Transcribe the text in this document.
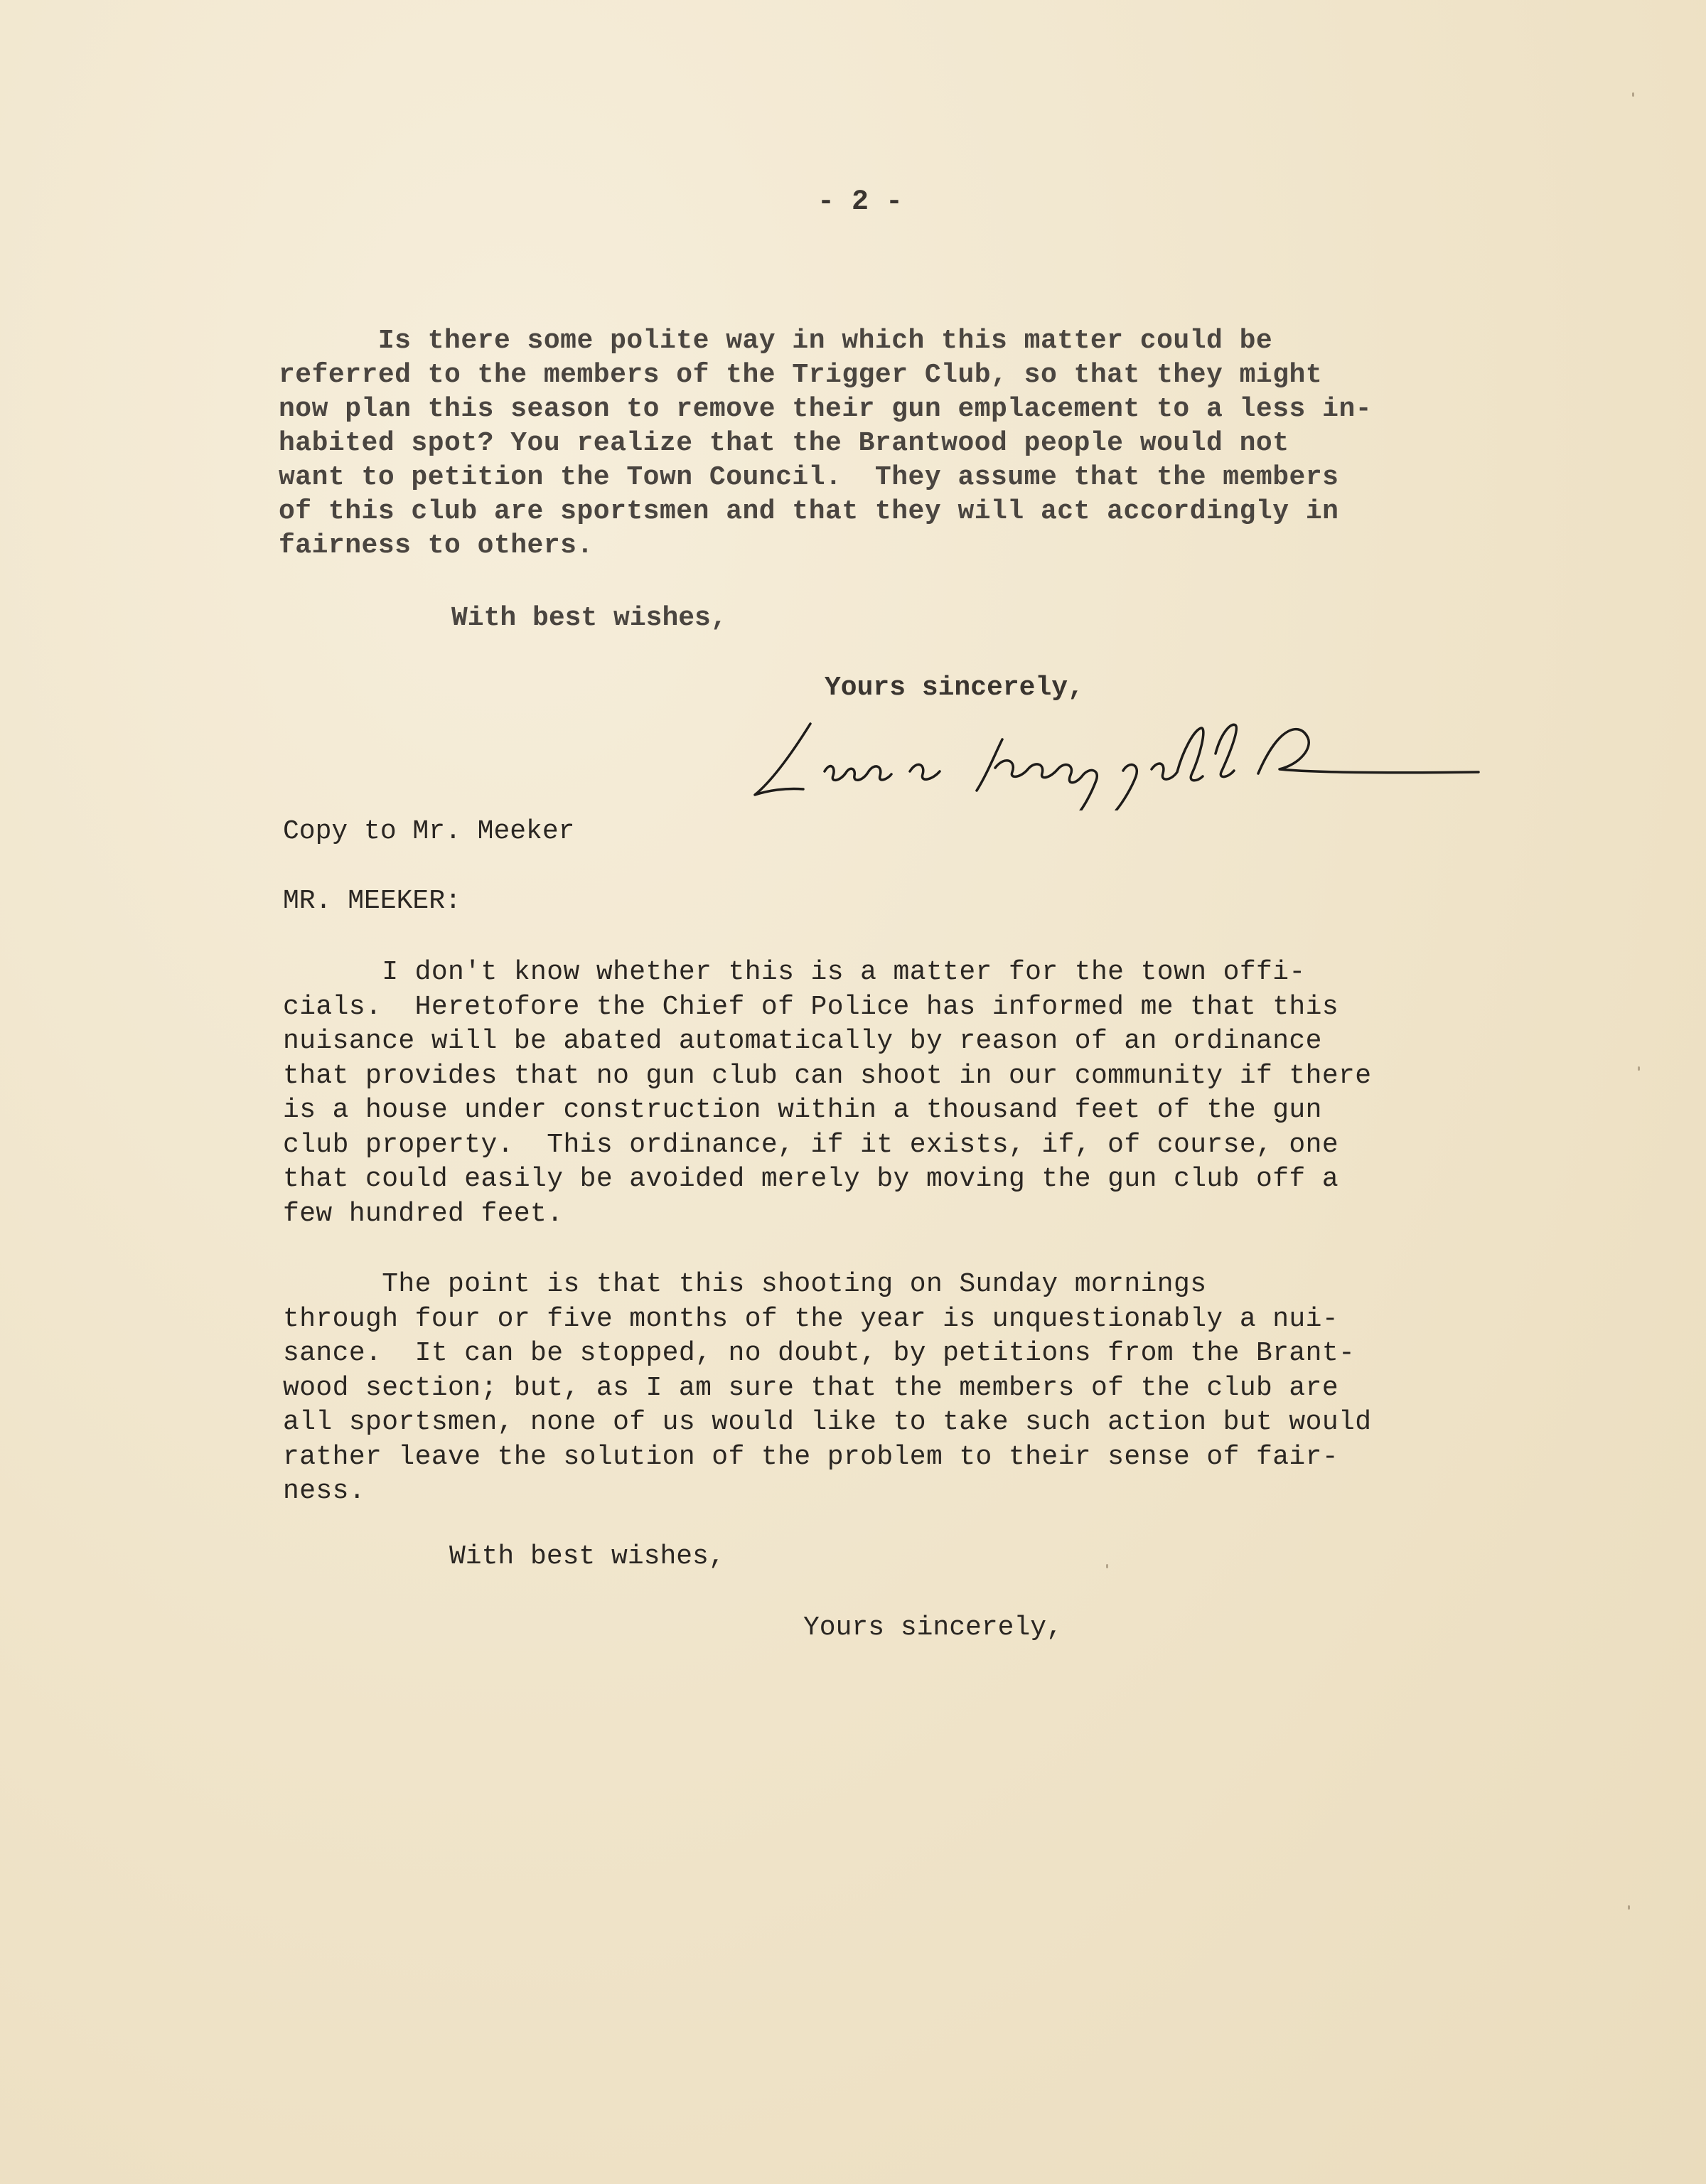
- 2 -
Is there some polite way in which this matter could be
referred to the members of the Trigger Club, so that they might
now plan this season to remove their gun emplacement to a less in-
habited spot? You realize that the Brantwood people would not
want to petition the Town Council.  They assume that the members
of this club are sportsmen and that they will act accordingly in
fairness to others.
With best wishes,
Yours sincerely,
Copy to Mr. Meeker
MR. MEEKER:
I don't know whether this is a matter for the town offi-
cials.  Heretofore the Chief of Police has informed me that this
nuisance will be abated automatically by reason of an ordinance
that provides that no gun club can shoot in our community if there
is a house under construction within a thousand feet of the gun
club property.  This ordinance, if it exists, if, of course, one
that could easily be avoided merely by moving the gun club off a
few hundred feet.
The point is that this shooting on Sunday mornings
through four or five months of the year is unquestionably a nui-
sance.  It can be stopped, no doubt, by petitions from the Brant-
wood section; but, as I am sure that the members of the club are
all sportsmen, none of us would like to take such action but would
rather leave the solution of the problem to their sense of fair-
ness.
With best wishes,
Yours sincerely,
